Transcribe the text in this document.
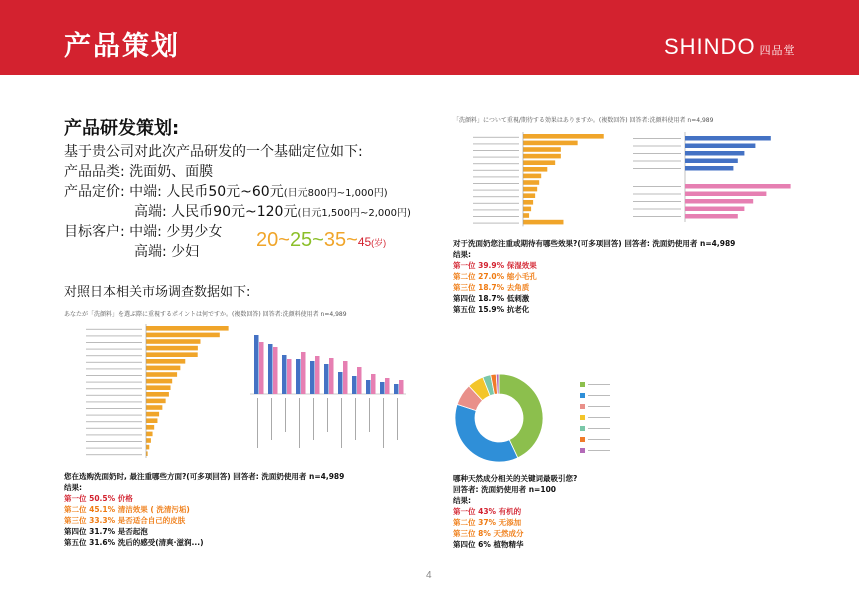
产品策划	SHINDO 四品堂
产品研发策划:
基于贵公司对此次产品研发的一个基础定位如下:
产品品类: 洗面奶、面膜
产品定价: 中端: 人民币50元~60元(日元800円~1,000円)
高端: 人民币90元~120元(日元1,500円~2,000円)
目标客户: 中端: 少男少女
高端: 少妇
20~25~35~45(岁)
对照日本相关市场调查数据如下:
あなたが「洗顔料」を選ぶ際に重視するポイントは何ですか。(複数回答) 回答者:洗顔料使用者 n=4,989
您在选购洗面奶时, 最注重哪些方面?(可多项回答) 回答者: 洗面奶使用者 n=4,989
结果:
第一位 50.5% 价格
第二位 45.1% 清洁效果 ( 洗清污垢)
第三位 33.3% 是否适合自己的皮肤
第四位 31.7% 是否起泡
第五位 31.6% 洗后的感受(清爽·滋润...)
「洗顔料」について重視/期待する効果はありますか。(複数回答) 回答者:洗顔料使用者 n=4,989
对于洗面奶您注重或期待有哪些效果?(可多项回答) 回答者: 洗面奶使用者 n=4,989
结果:
第一位 39.9% 保湿效果
第二位 27.0% 缩小毛孔
第三位 18.7% 去角质
第四位 18.7% 低刺激
第五位 15.9% 抗老化
哪种天然成分相关的关键词最吸引您?
回答者: 洗面奶使用者 n=100
结果:
第一位 43% 有机的
第二位 37% 无添加
第三位 8% 天然成分
第四位 6% 植物精华
4
